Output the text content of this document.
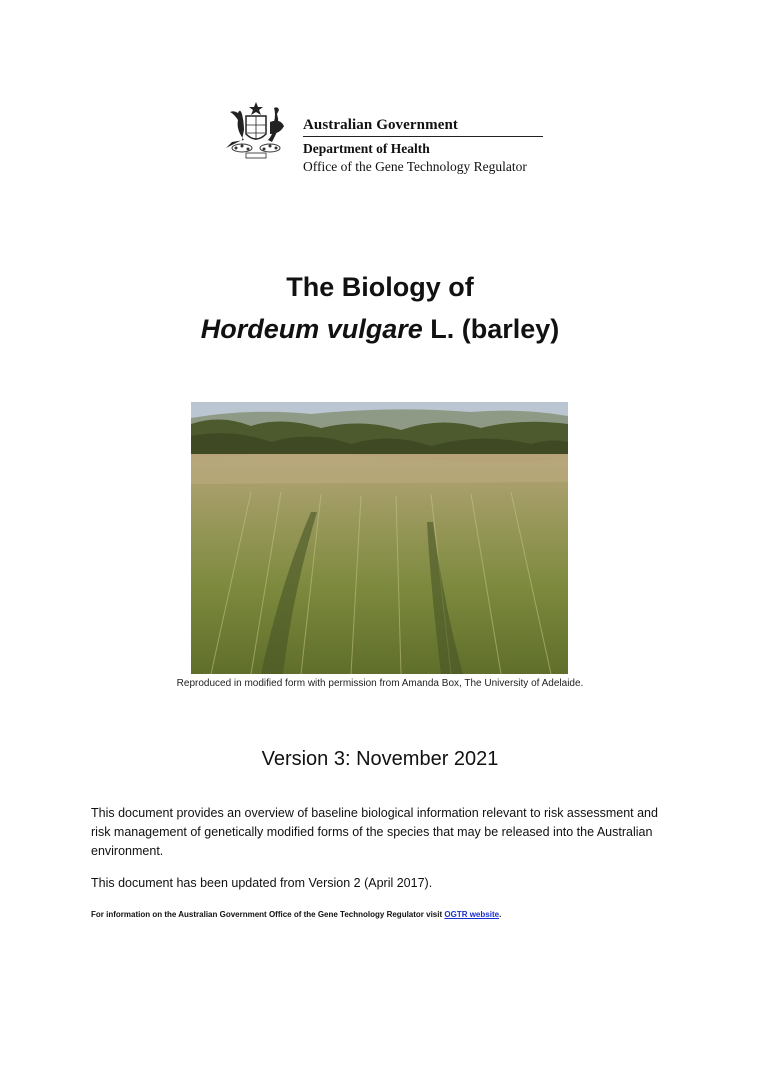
Australian Government
Department of Health
Office of the Gene Technology Regulator
The Biology of
Hordeum vulgare L. (barley)
Reproduced in modified form with permission from Amanda Box, The University of Adelaide.
Version 3: November 2021
This document provides an overview of baseline biological information relevant to risk assessment and risk management of genetically modified forms of the species that may be released into the Australian environment.
This document has been updated from Version 2 (April 2017).
For information on the Australian Government Office of the Gene Technology Regulator visit OGTR website.
